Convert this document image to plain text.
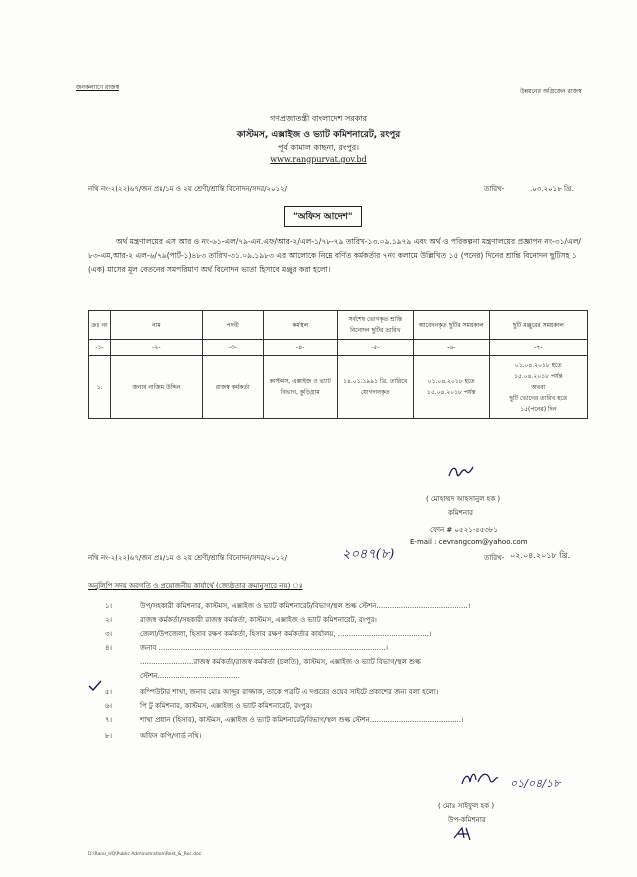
জনকল্যাণে রাজস্ব
উন্নয়নের অগ্রিজেন রাজস্ব
গণপ্রজাতন্ত্রী বাংলাদেশ সরকার
কাস্টমস, এক্সাইজ ও ভ্যাট কমিশনারেট, রংপুর
পূর্ব কামাল কাছনা, রংপুর।
www.rangpurvat.gov.bd
নথি নং-২(২২)৬৭/জন প্রঃ/১ম ও ২য় শ্রেণী/শ্রান্তি বিনোদন/সদর/২০১২/	তারিখ-	.০৩.২০১৮ খ্রি.
"অফিস আদেশ"
অর্থ মন্ত্রণালয়ের এস আর ও নং-৬১-এল/৭৯-এন.এফ/আর-২/এল-১/৭৮-৭৯ তারিখ-১৩.০৯.১৯৭৯ এবং অর্থ ও পরিকল্পনা মন্ত্রণালয়ের প্রজ্ঞাপন নং-৩১/এল/৮৩-এম,আর-২ এল-৬/৭৯(পার্ট-১)৪৮৩ তারিখ-৩১.০৯.১৯৮৩ এর আলোকে নিম্নে বর্ণিত কর্মকর্তার ৭নং কলামে উল্লিখিত ১৫ (পনের) দিনের শ্রান্তি বিনোদন ছুটিসহ ১ (এক) মাসের মূল বেতনের সমপরিমাণ অর্থ বিনোদন ভাতা হিসাবে মঞ্জুর করা হলো।
ক্রঃ নং	নাম	পদবী	কর্মস্থল	সর্বশেষ ভোগকৃত শ্রান্তি বিনোদন ছুটির তারিখ	আবেদনকৃত ছুটির সময়কাল	ছুটি মঞ্জুরের সময়কাল
-১-	-২-	-৩-	-৪-	-৫-	-৬-	-৭-
১.	জনাব নাজিম উদ্দিন	রাজস্ব কর্মকর্তা	কাস্টমস, এক্সাইজ ও ভ্যাট বিভাগ, কুড়িগ্রাম	১৪.০১.১৯৯১ খ্রি. তারিখে যোগদানকৃত	০১.০৪.২০১৮ হতে ১৫.০৪.২০১৮ পর্যন্ত	০১.০৪.২০১৮ হতে
১৫.০৪.২০১৮ পর্যন্ত
অথবা
ছুটি ভোগের তারিখ হতে
১৫(পনের) দিন
( মোহাম্মদ আহসানুল হক )
কমিশনার
ফোন # ০৫২১-৫৫৩৮১
E-mail : cevrangcom@yahoo.com
নথি নং-২(২২)৬৭/জন প্রঃ/১ম ও ২য় শ্রেণী/শ্রান্তি বিনোদন/সদর/২০১২/	২০৪৭(৮)	তারিখ- ০২.০৪.২০১৮ খ্রি.
অনুলিপি সদয় অবগতি ও প্রয়োজনীয় কার্যার্থে (জ্যেষ্ঠতার ক্রমানুসারে নয়) ঃ
১।	উপ/সহকারী কমিশনার, কাস্টমস, এক্সাইজ ও ভ্যাট কমিশনারেট/বিভাগ/স্থল শুল্ক স্টেশন.........................................।
২।	রাজস্ব কর্মকর্তা/সহকারী রাজস্ব কর্মকর্তা, কাস্টমস, এক্সাইজ ও ভ্যাট কমিশনারেট, রংপুর।
৩।	জেলা/উপজেলা, হিসাব রক্ষণ কর্মকর্তা, হিসাব রক্ষণ কর্মকর্তার কার্যালয়, .........................................।
৪।	জনাব ......................................................................................................।
........................রাজস্ব কর্মকর্তা/রাজস্ব কর্মকর্তা (চলতি), কাস্টমস, এক্সাইজ ও ভ্যাট বিভাগ/স্থল শুল্ক
স্টেশন.....................................
৫।	কম্পিউটার শাখা, জনাব মোঃ আব্দুর রাজ্জাক, তাকে পত্রটি এ দপ্তরের ওয়েব সাইটে প্রকাশের জন্য বলা হলো।
৬।	পি টু কমিশনার, কাস্টমস, এক্সাইজ ও ভ্যাট কমিশনারেট, রংপুর।
৭।	শাখা প্রধান (হিসাব), কাস্টমস, এক্সাইজ ও ভ্যাট কমিশনারেট/বিভাগ/স্থল শুল্ক স্টেশন.........................................।
৮।	অফিস কপি/গার্ড নথি।
০১/০৪/১৮
( মোঃ সাইফুল হক )
উপ-কমিশনার
D:\Ranu_HQ\Public Administration\Rest_&_Rec.doc
